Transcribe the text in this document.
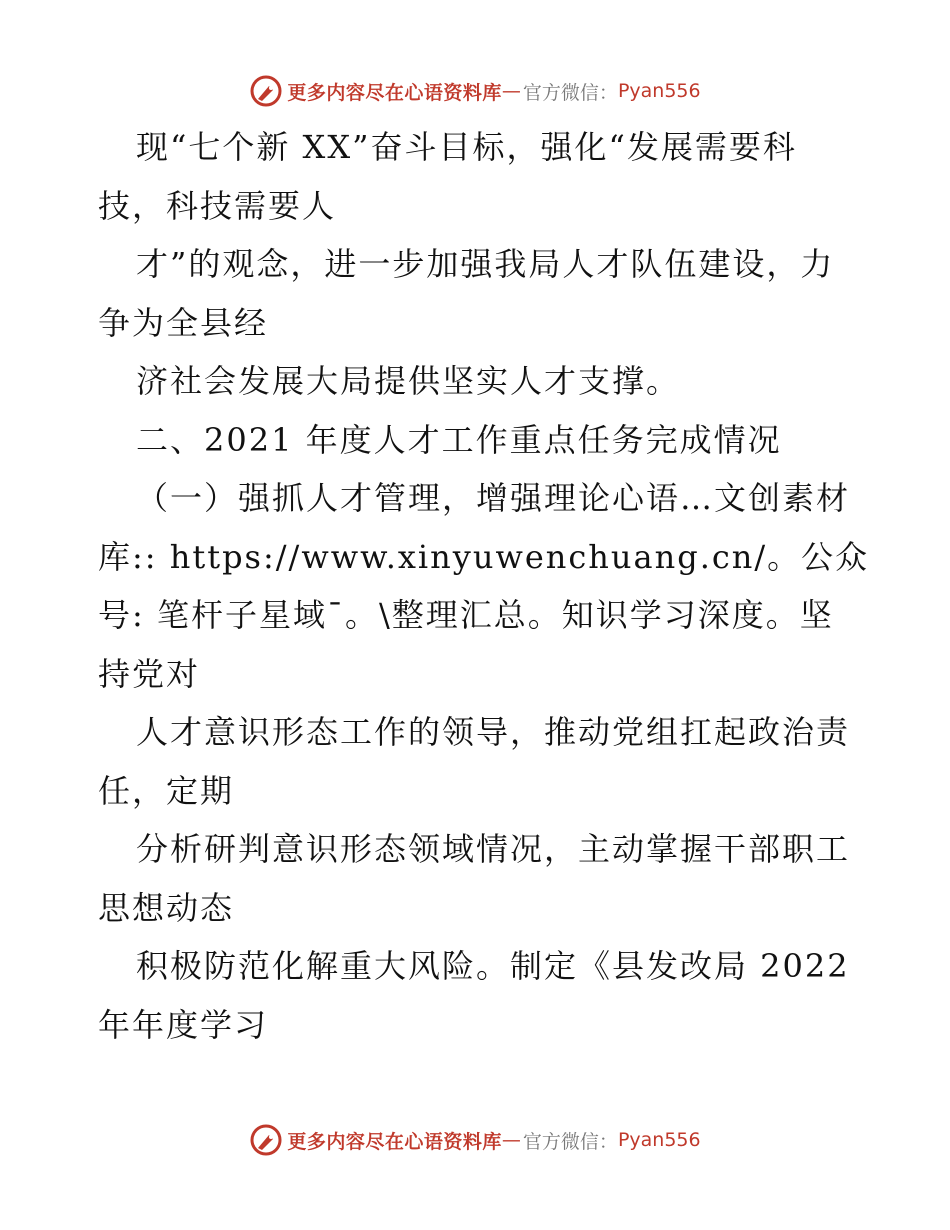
更多内容尽在心语资料库 — 官方微信： Pyan556
现“七个新 XX”奋斗目标，强化“发展需要科
技，科技需要人
才”的观念，进一步加强我局人才队伍建设，力
争为全县经
济社会发展大局提供坚实人才支撑。
二、2021 年度人才工作重点任务完成情况
（一）强抓人才管理，增强理论心语…文创素材
库:: https://www.xinyuwenchuang.cn/。公众
号: 笔杆子星域¯。\整理汇总。知识学习深度。坚
持党对
人才意识形态工作的领导，推动党组扛起政治责
任，定期
分析研判意识形态领域情况，主动掌握干部职工
思想动态
积极防范化解重大风险。制定《县发改局 2022
年年度学习
更多内容尽在心语资料库 — 官方微信： Pyan556
